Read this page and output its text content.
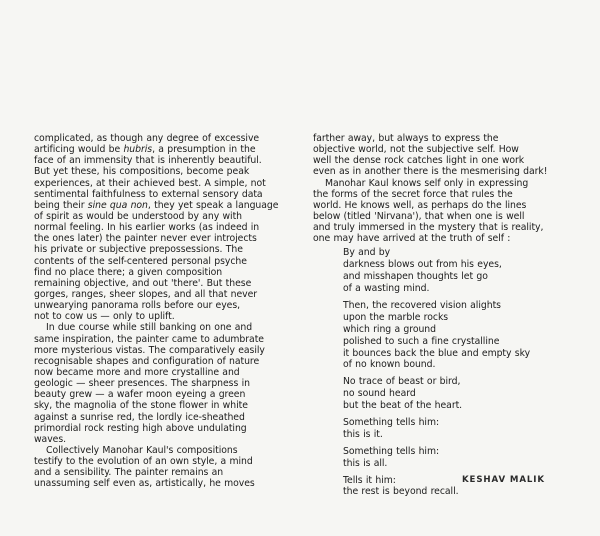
complicated, as though any degree of excessive
artificing would be hubris, a presumption in the
face of an immensity that is inherently beautiful.
But yet these, his compositions, become peak
experiences, at their achieved best. A simple, not
sentimental faithfulness to external sensory data
being their sine qua non, they yet speak a language
of spirit as would be understood by any with
normal feeling. In his earlier works (as indeed in
the ones later) the painter never ever introjects
his private or subjective prepossessions. The
contents of the self-centered personal psyche
find no place there; a given composition
remaining objective, and out 'there'. But these
gorges, ranges, sheer slopes, and all that never
unwearying panorama rolls before our eyes,
not to cow us — only to uplift.
In due course while still banking on one and
same inspiration, the painter came to adumbrate
more mysterious vistas. The comparatively easily
recognisable shapes and configuration of nature
now became more and more crystalline and
geologic — sheer presences. The sharpness in
beauty grew — a wafer moon eyeing a green
sky, the magnolia of the stone flower in white
against a sunrise red, the lordly ice-sheathed
primordial rock resting high above undulating
waves.
Collectively Manohar Kaul's compositions
testify to the evolution of an own style, a mind
and a sensibility. The painter remains an
unassuming self even as, artistically, he moves
farther away, but always to express the
objective world, not the subjective self. How
well the dense rock catches light in one work
even as in another there is the mesmerising dark!
Manohar Kaul knows self only in expressing
the forms of the secret force that rules the
world. He knows well, as perhaps do the lines
below (titled 'Nirvana'), that when one is well
and truly immersed in the mystery that is reality,
one may have arrived at the truth of self :
By and by
darkness blows out from his eyes,
and misshapen thoughts let go
of a wasting mind.
Then, the recovered vision alights
upon the marble rocks
which ring a ground
polished to such a fine crystalline
it bounces back the blue and empty sky
of no known bound.
No trace of beast or bird,
no sound heard
but the beat of the heart.
Something tells him:
this is it.
Something tells him:
this is all.
Tells it him:
the rest is beyond recall.
KESHAV MALIK
